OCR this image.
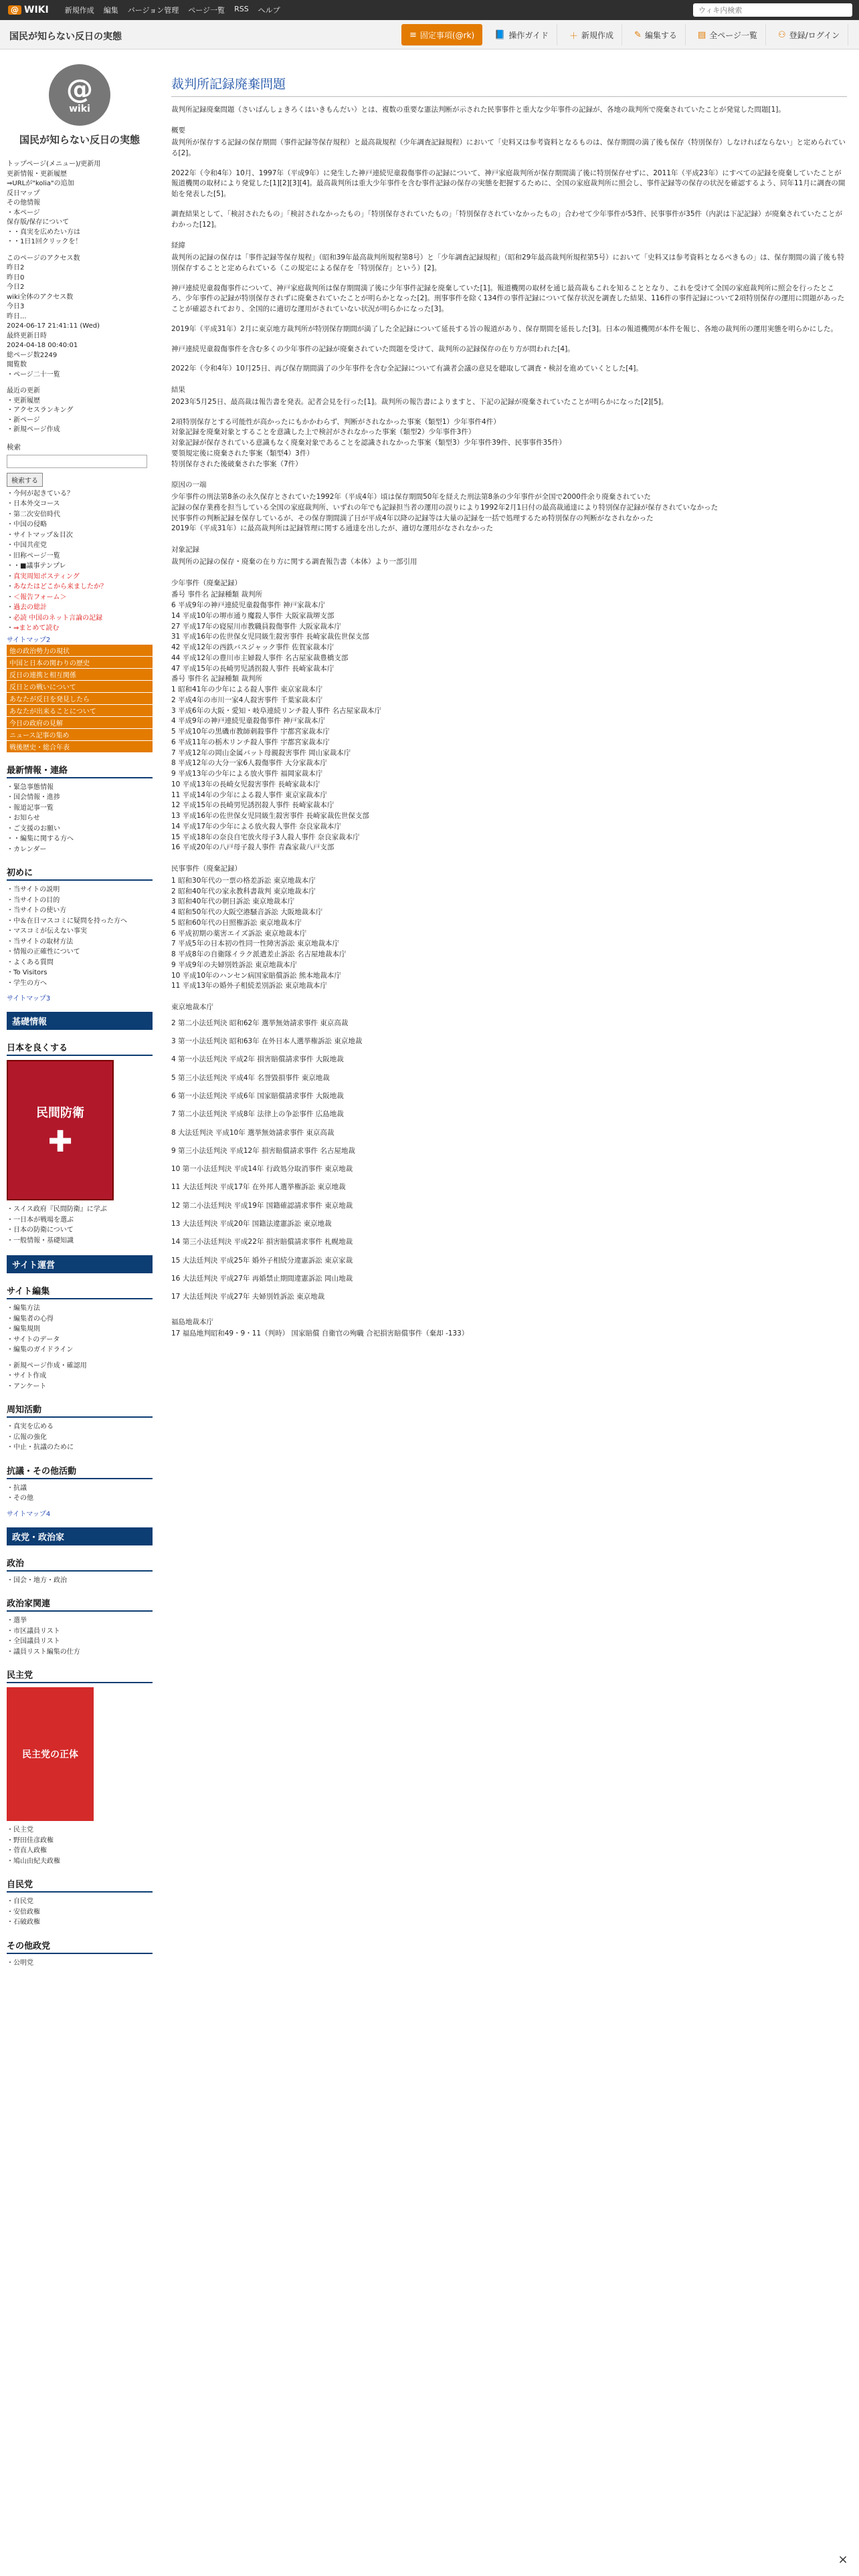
@ WIKI 新規作成 編集 バージョン管理 ページ一覧 RSS ヘルプ
ウィキ内検索
国民が知らない反日の実態	≡ 固定事項(@rk) 📘 操作ガイド ＋ 新規作成 ✎ 編集する ▤ 全ページ一覧 ⚇ 登録/ログイン
@
wiki
国民が知らない反日の実態
トップページ(メニュー)/更新用
更新情報・更新履歴
⇒URLが"kolia"の追加
反日マップ
その他情報
・本ページ
保存版/保存について
・・真実を広めたい方は
・・1日1回クリックを！
このページのアクセス数
昨日2
昨日0
今日2
wiki全体のアクセス数
今日3
昨日...
2024-06-17 21:41:11 (Wed)
最終更新日時
2024-04-18 00:40:01
総ページ数2249
閲覧数
・ページ二十一覧
最近の更新
・更新履歴
・アクセスランキング
・新ページ
・新規ページ作成
検索
検索する
・ 今何が起きている？
・ 日本外交コース
・ 第二次安倍時代
・ 中国の侵略
・ サイトマップ＆目次
・ 中国共産党
・ 旧称ページ一覧
・ ・■議事テンプレ
・ 真実周知ポスティング
・ あなたはどこから来ましたか？
・ ＜報告フォーム＞
・ 過去の総計
・ 必読 中国のネット言論の記録
・ ⇒まとめて読む
サイトマップ2
他の政治勢力の現状
中国と日本の関わりの歴史
反日の連携と相互関係
反日との戦いについて
あなたが反日を発見したら
あなたが出来ることについて
今日の政府の見解
ニュース記事の集め
戦後歴史・総合年表
最新情報・連絡
・ 緊急事態情報
・ 国会情報・進捗
・ 報道記事一覧
・ お知らせ
・ ご支援のお願い
・ ・編集に関する方へ
・ カレンダー
初めに
・ 当サイトの説明
・ 当サイトの目的
・ 当サイトの使い方
・ 中＆在日マスコミに疑問を持った方へ
・ マスコミが伝えない事実
・ 当サイトの取材方法
・ 情報の正確性について
・ よくある質問
・ To Visitors
・ 学生の方へ
サイトマップ3
基礎情報
日本を良くする
民間防衛
✚
・ スイス政府『民間防衛』に学ぶ
・ 一日本が戦場を選ぶ
・ 日本の防衛について
・ 一般情報・基礎知識
サイト運営
サイト編集
・ 編集方法
・ 編集者の心得
・ 編集規則
・ サイトのデータ
・ 編集のガイドライン
・ 新規ページ作成・確認用
・ サイト作成
・ アンケート
周知活動
・ 真実を広める
・ 広報の強化
・ 中止・抗議のために
抗議・その他活動
・ 抗議
・ その他
サイトマップ4
政党・政治家
政治
・ 国会・地方・政治
政治家関連
・ 選挙
・ 市区議員リスト
・ 全国議員リスト
・ 議員リスト編集の仕方
民主党
民主党の正体
・ 民主党
・ 野田佳彦政権
・ 菅直人政権
・ 鳩山由紀夫政権
自民党
・ 自民党
・ 安倍政権
・ 石破政権
その他政党
・ 公明党
裁判所記録廃棄問題

裁判所記録廃棄問題（さいばんしょきろくはいきもんだい）とは、複数の重要な憲法判断が示された民事事件と重大な少年事件の記録が、各地の裁判所で廃棄されていたことが発覚した問題[1]。

概要

裁判所が保存する記録の保存期間（事件記録等保存規程）と最高裁規程（少年調査記録規程）において「史料又は参考資料となるものは、保存期間の満了後も保存（特別保存）しなければならない」と定められている[2]。

2022年（令和4年）10月、1997年（平成9年）に発生した神戸連続児童殺傷事件の記録について、神戸家庭裁判所が保存期間満了後に特別保存せずに、2011年（平成23年）にすべての記録を廃棄していたことが報道機関の取材により発覚した[1][2][3][4]。最高裁判所は重大少年事件を含む事件記録の保存の実態を把握するために、全国の家庭裁判所に照会し、事件記録等の保存の状況を確認するよう、同年11月に調査の開始を発表した[5]。

調査結果として、「検討されたもの」「検討されなかったもの」「特別保存されていたもの」「特別保存されていなかったもの」合わせて少年事件が53件、民事事件が35件（内訳は下記記録）が廃棄されていたことがわかった[12]。

経緯

裁判所の記録の保存は「事件記録等保存規程」（昭和39年最高裁判所規程第8号）と「少年調査記録規程」（昭和29年最高裁判所規程第5号）において「史料又は参考資料となるべきもの」は、保存期間の満了後も特別保存することと定められている（この規定による保存を「特別保存」という）[2]。

神戸連続児童殺傷事件について、神戸家庭裁判所は保存期間満了後に少年事件記録を廃棄していた[1]。報道機関の取材を通じ最高裁もこれを知ることとなり、これを受けて全国の家庭裁判所に照会を行ったところ、少年事件の記録が特別保存されずに廃棄されていたことが明らかとなった[2]。刑事事件を除く134件の事件記録について保存状況を調査した結果、116件の事件記録について2項特別保存の運用に問題があったことが確認されており、全国的に適切な運用がされていない状況が明らかになった[3]。

2019年（平成31年）2月に東京地方裁判所が特別保存期間が満了した全記録について延長する旨の報道があり、保存期間を延長した[3]。日本の報道機関が本件を報じ、各地の裁判所の運用実態を明らかにした。

神戸連続児童殺傷事件を含む多くの少年事件の記録が廃棄されていた問題を受けて、裁判所の記録保存の在り方が問われた[4]。

2022年（令和4年）10月25日、再び保存期間満了の少年事件を含む全記録について有識者会議の意見を聴取して調査・検討を進めていくとした[4]。

結果

2023年5月25日、最高裁は報告書を発表。記者会見を行った[1]。裁判所の報告書によりますと、下記の記録が廃棄されていたことが明らかになった[2][5]。

2項特別保存とする可能性が高かったにもかかわらず、判断がされなかった事案（類型1）少年事件4件）
対象記録を廃棄対象とすることを意識した上で検討がされなかった事案（類型2）少年事件3件）
対象記録が保存されている意識もなく廃棄対象であることを認識されなかった事案（類型3）少年事件39件、民事事件35件）
要領規定後に廃棄された事案（類型4）3件）
特別保存された後破棄された事案（7件）
原因の一端
少年事件の刑法第8条の永久保存とされていた1992年（平成4年）頃は保存期間50年を経えた刑法第8条の少年事件が全国で2000件余り廃棄されていた
記録の保存業務を担当している全国の家庭裁判所、いずれの年でも記録担当者の運用の誤りにより1992年2月1日付の最高裁通達により特別保存記録が保存されていなかった
民事事件の判断記録を保存しているが、その保存期間満了日が平成4年以降の記録等は大量の記録を一括で処理するため特別保存の判断がなされなかった
2019年（平成31年）に最高裁判所は記録管理に関する通達を出したが、適切な運用がなされなかった
対象記録
裁判所の記録の保存・廃棄の在り方に関する調査報告書（本体）より一部引用
少年事件（廃棄記録）
番号 事件名 記録種類 裁判所
6 平成9年の神戸連続児童殺傷事件 神戸家裁本庁
14 平成10年の堺市通り魔殺人事件 大阪家裁堺支部
27 平成17年の寝屋川市教職員殺傷事件 大阪家裁本庁
31 平成16年の佐世保女児同級生殺害事件 長崎家裁佐世保支部
42 平成12年の西鉄バスジャック事件 佐賀家裁本庁
44 平成12年の豊川市主婦殺人事件 名古屋家裁豊橋支部
47 平成15年の長崎男児誘拐殺人事件 長崎家裁本庁
番号 事件名 記録種類 裁判所
1 昭和41年の少年による殺人事件 東京家裁本庁
2 平成4年の市川一家4人殺害事件 千葉家裁本庁
3 平成6年の大阪・愛知・岐阜連続リンチ殺人事件 名古屋家裁本庁
4 平成9年の神戸連続児童殺傷事件 神戸家裁本庁
5 平成10年の黒磯市教師刺殺事件 宇都宮家裁本庁
6 平成11年の栃木リンチ殺人事件 宇都宮家裁本庁
7 平成12年の岡山金属バット母親殺害事件 岡山家裁本庁
8 平成12年の大分一家6人殺傷事件 大分家裁本庁
9 平成13年の少年による放火事件 福岡家裁本庁
10 平成13年の長崎女児殺害事件 長崎家裁本庁
11 平成14年の少年による殺人事件 東京家裁本庁
12 平成15年の長崎男児誘拐殺人事件 長崎家裁本庁
13 平成16年の佐世保女児同級生殺害事件 長崎家裁佐世保支部
14 平成17年の少年による放火殺人事件 奈良家裁本庁
15 平成18年の奈良自宅放火母子3人殺人事件 奈良家裁本庁
16 平成20年の八戸母子殺人事件 青森家裁八戸支部
民事事件（廃棄記録）
1 昭和30年代の一票の格差訴訟 東京地裁本庁
2 昭和40年代の家永教科書裁判 東京地裁本庁
3 昭和40年代の朝日訴訟 東京地裁本庁
4 昭和50年代の大阪空港騒音訴訟 大阪地裁本庁
5 昭和60年代の日照権訴訟 東京地裁本庁
6 平成初期の薬害エイズ訴訟 東京地裁本庁
7 平成5年の日本初の性同一性障害訴訟 東京地裁本庁
8 平成8年の自衛隊イラク派遣差止訴訟 名古屋地裁本庁
9 平成9年の夫婦別姓訴訟 東京地裁本庁
10 平成10年のハンセン病国家賠償訴訟 熊本地裁本庁
11 平成13年の婚外子相続差別訴訟 東京地裁本庁
東京地裁本庁
2 第二小法廷判決 昭和62年 選挙無効請求事件 東京高裁
3 第一小法廷判決 昭和63年 在外日本人選挙権訴訟 東京地裁
4 第一小法廷判決 平成2年 損害賠償請求事件 大阪地裁
5 第三小法廷判決 平成4年 名誉毀損事件 東京地裁
6 第一小法廷判決 平成6年 国家賠償請求事件 大阪地裁
7 第二小法廷判決 平成8年 法律上の争訟事件 広島地裁
8 大法廷判決 平成10年 選挙無効請求事件 東京高裁
9 第三小法廷判決 平成12年 損害賠償請求事件 名古屋地裁
10 第一小法廷判決 平成14年 行政処分取消事件 東京地裁
11 大法廷判決 平成17年 在外邦人選挙権訴訟 東京地裁
12 第二小法廷判決 平成19年 国籍確認請求事件 東京地裁
13 大法廷判決 平成20年 国籍法違憲訴訟 東京地裁
14 第三小法廷判決 平成22年 損害賠償請求事件 札幌地裁
15 大法廷判決 平成25年 婚外子相続分違憲訴訟 東京家裁
16 大法廷判決 平成27年 再婚禁止期間違憲訴訟 岡山地裁
17 大法廷判決 平成27年 夫婦別姓訴訟 東京地裁
福島地裁本庁
17 福島地判昭和49・9・11（判時） 国家賠償 自衛官の殉職 合祀損害賠償事件（棄却 -133）
×
